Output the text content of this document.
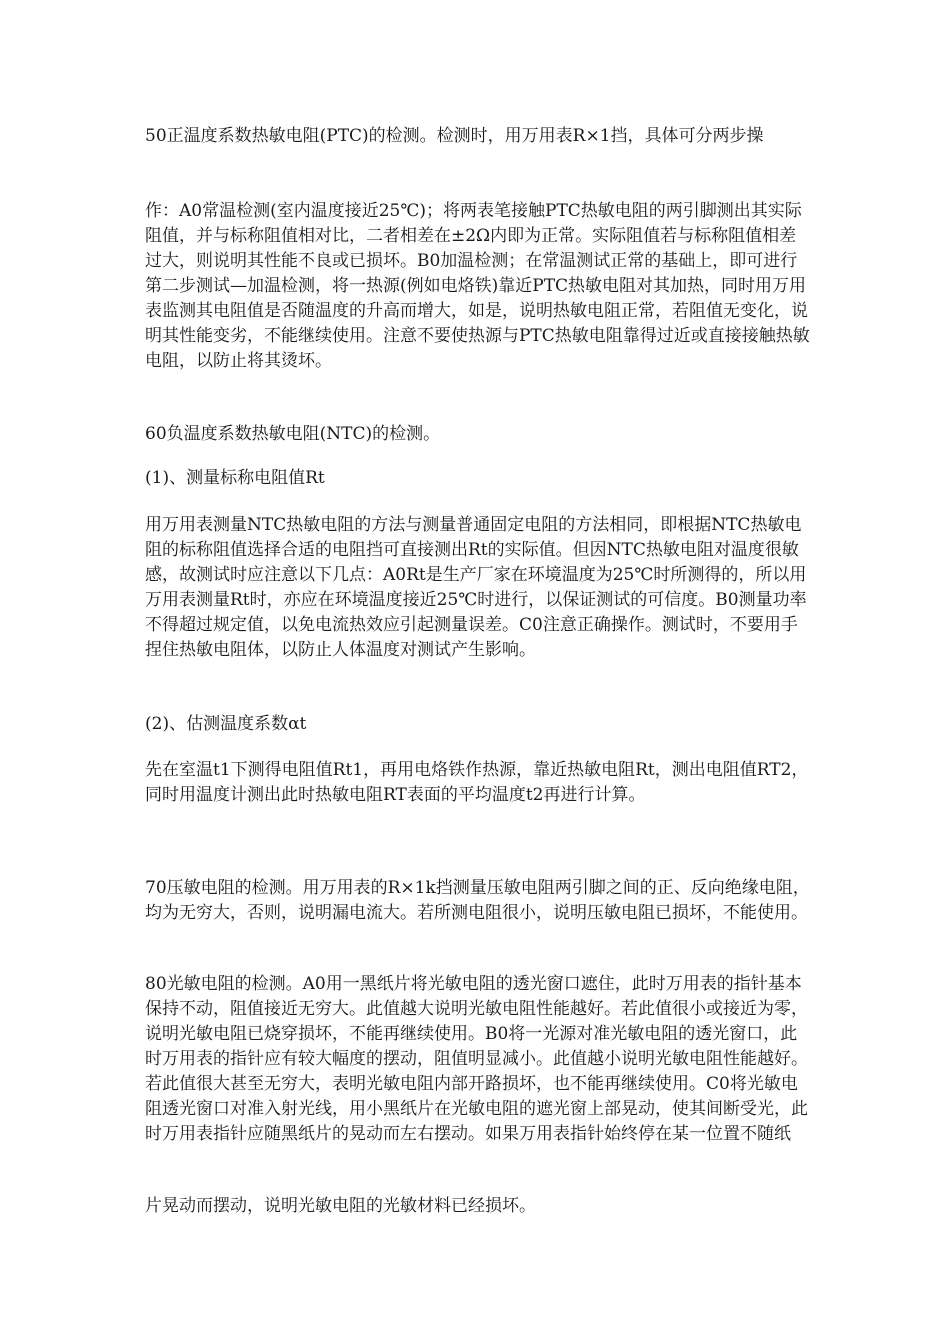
50正温度系数热敏电阻(PTC)的检测。检测时，用万用表R×1挡，具体可分两步操

作：A0常温检测(室内温度接近25℃)；将两表笔接触PTC热敏电阻的两引脚测出其实际阻值，并与标称阻值相对比，二者相差在±2Ω内即为正常。实际阻值若与标称阻值相差过大，则说明其性能不良或已损坏。B0加温检测；在常温测试正常的基础上，即可进行第二步测试—加温检测，将一热源(例如电烙铁)靠近PTC热敏电阻对其加热，同时用万用表监测其电阻值是否随温度的升高而增大，如是，说明热敏电阻正常，若阻值无变化，说明其性能变劣，不能继续使用。注意不要使热源与PTC热敏电阻靠得过近或直接接触热敏电阻，以防止将其烫坏。

60负温度系数热敏电阻(NTC)的检测。

(1)、测量标称电阻值Rt

用万用表测量NTC热敏电阻的方法与测量普通固定电阻的方法相同，即根据NTC热敏电阻的标称阻值选择合适的电阻挡可直接测出Rt的实际值。但因NTC热敏电阻对温度很敏感，故测试时应注意以下几点：A0Rt是生产厂家在环境温度为25℃时所测得的，所以用万用表测量Rt时，亦应在环境温度接近25℃时进行，以保证测试的可信度。B0测量功率不得超过规定值，以免电流热效应引起测量误差。C0注意正确操作。测试时，不要用手捏住热敏电阻体，以防止人体温度对测试产生影响。

(2)、估测温度系数αt

先在室温t1下测得电阻值Rt1，再用电烙铁作热源，靠近热敏电阻Rt，测出电阻值RT2，同时用温度计测出此时热敏电阻RT表面的平均温度t2再进行计算。

70压敏电阻的检测。用万用表的R×1k挡测量压敏电阻两引脚之间的正、反向绝缘电阻，均为无穷大，否则，说明漏电流大。若所测电阻很小，说明压敏电阻已损坏，不能使用。

80光敏电阻的检测。A0用一黑纸片将光敏电阻的透光窗口遮住，此时万用表的指针基本保持不动，阻值接近无穷大。此值越大说明光敏电阻性能越好。若此值很小或接近为零，说明光敏电阻已烧穿损坏，不能再继续使用。B0将一光源对准光敏电阻的透光窗口，此时万用表的指针应有较大幅度的摆动，阻值明显减小。此值越小说明光敏电阻性能越好。若此值很大甚至无穷大，表明光敏电阻内部开路损坏，也不能再继续使用。C0将光敏电阻透光窗口对准入射光线，用小黑纸片在光敏电阻的遮光窗上部晃动，使其间断受光，此时万用表指针应随黑纸片的晃动而左右摆动。如果万用表指针始终停在某一位置不随纸

片晃动而摆动，说明光敏电阻的光敏材料已经损坏。
